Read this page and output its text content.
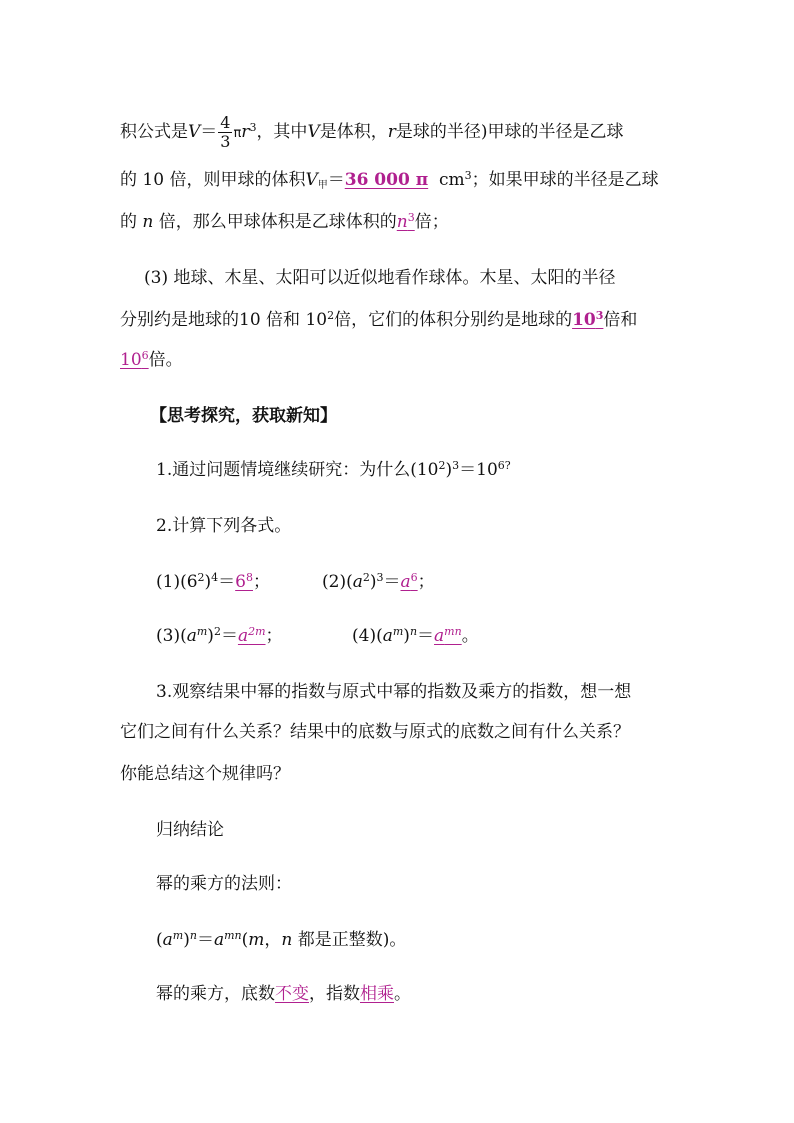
积公式是$V= \frac{4}{3} \pi r^3$，其中V是体积，r是球的半径)甲球的半径是乙球
的 10 倍，则甲球的体积$V_甲=36$ 000 π $cm^3$；如果甲球的半径是乙球
的 n 倍，那么甲球体积是乙球体积的$n^3$倍；
(3) 地球、木星、太阳可以近似地看作球体。木星、太阳的半径
分别约是地球的10 倍和 $10^2$倍，它们的体积分别约是地球的$10^3$倍和
$10^6$倍。
【思考探究，获取新知】
1.通过问题情境继续研究：为什么$(10^2)^3=10^{6?}$
2.计算下列各式。
$(1)(6^2)^4=6^8$；	$(2)(a^2)^3=a^6$；
$(3)(a^m)^2=a^{2m}$；	$(4)(a^m)^n=a^{mn}$。
3.观察结果中幂的指数与原式中幂的指数及乘方的指数，想一想
它们之间有什么关系？结果中的底数与原式的底数之间有什么关系？
你能总结这个规律吗？
归纳结论
幂的乘方的法则：
$(a^m)^n=a^{mn}(m$，n 都是正整数)。
幂的乘方，底数不变，指数相乘。
